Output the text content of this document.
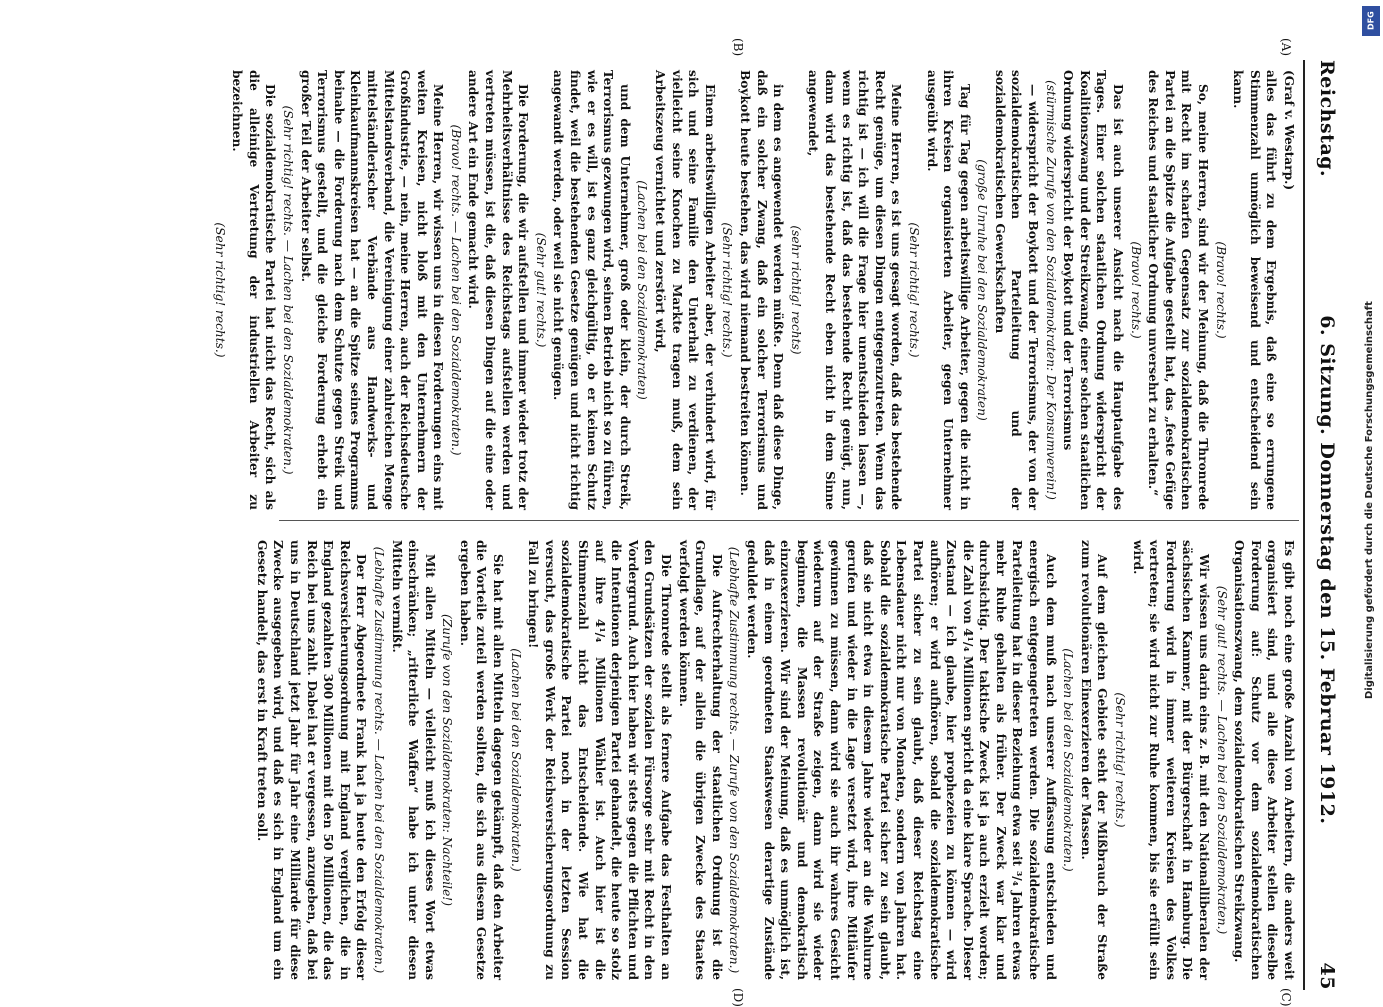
Reichstag.
6. Sitzung. Donnerstag den 15. Februar 1912.
45
(A)
(B)
(C)
(D)

(Graf v. Westarp.)

alles das führt zu dem Ergebnis, daß eine so errungene Stimmenzahl unmöglich beweisend und entscheidend sein kann.

(Bravo! rechts.)

So, meine Herren, sind wir der Meinung, daß die Thronrede mit Recht im scharfen Gegensatz zur sozialdemokratischen Partei an die Spitze die Aufgabe gestellt hat, das „feste Gefüge des Reiches und staatlicher Ordnung unversehrt zu erhalten.“

(Bravo! rechts.)

Das ist auch unserer Ansicht nach die Hauptaufgabe des Tages. Einer solchen staatlichen Ordnung widerspricht der Koalitionszwang und der Streikzwang, einer solchen staatlichen Ordnung widerspricht der Boykott und der Terrorismus

(stürmische Zurufe von den Sozialdemokraten: Der Konsumverein!)

— widerspricht der Boykott und der Terrorismus, der von der sozialdemokratischen Parteileitung und der sozialdemokratischen Gewerkschaften

(große Unruhe bei den Sozialdemokraten)

Tag für Tag gegen arbeitswillige Arbeiter, gegen die nicht in ihren Kreisen organisierten Arbeiter, gegen Unternehmer ausgeübt wird.

(Sehr richtig! rechts.)

Meine Herren, es ist uns gesagt worden, daß das bestehende Recht genüge, um diesen Dingen entgegenzutreten. Wenn das richtig ist — ich will die Frage hier unentschieden lassen —, wenn es richtig ist, daß das bestehende Recht genügt, nun, dann wird das bestehende Recht eben nicht in dem Sinne angewendet,

(sehr richtig! rechts)

in dem es angewendet werden müßte. Denn daß diese Dinge, daß ein solcher Zwang, daß ein solcher Terrorismus und Boykott heute bestehen, das wird niemand bestreiten können.

(Sehr richtig! rechts.)

Einem arbeitswilligen Arbeiter aber, der verhindert wird, für sich und seine Familie den Unterhalt zu verdienen, der vielleicht seine Knochen zu Markte tragen muß, dem sein Arbeitszeug vernichtet und zerstört wird,

(Lachen bei den Sozialdemokraten)

und dem Unternehmer, groß oder klein, der durch Streik, Terrorismus gezwungen wird, seinen Betrieb nicht so zu führen, wie er es will, ist es ganz gleichgültig, ob er keinen Schutz findet, weil die bestehenden Gesetze genügen und nicht richtig angewandt werden, oder weil sie nicht genügen.

(Sehr gut! rechts.)

Die Forderung, die wir aufstellen und immer wieder trotz der Mehrheitsverhältnisse des Reichstags aufstellen werden und vertreten müssen, ist die, daß diesen Dingen auf die eine oder andere Art ein Ende gemacht wird.

(Bravo! rechts. — Lachen bei den Sozialdemokraten.)

Meine Herren, wir wissen uns in diesen Forderungen eins mit weiten Kreisen, nicht bloß mit den Unternehmern der Großindustrie, — nein, meine Herren, auch der Reichsdeutsche Mittelstandsverband, die Vereinigung einer zahlreichen Menge mittelständlerischer Verbände aus Handwerks- und Kleinkaufmannskreisen hat — an die Spitze seines Programms beinahe — die Forderung nach dem Schutze gegen Streik und Terrorismus gestellt, und die gleiche Forderung erhebt ein großer Teil der Arbeiter selbst.

(Sehr richtig! rechts. — Lachen bei den Sozialdemokraten.)

Die sozialdemokratische Partei hat nicht das Recht, sich als die alleinige Vertretung der industriellen Arbeiter zu bezeichnen.

(Sehr richtig! rechts.)

Es gibt noch eine große Anzahl von Arbeitern, die anders weit organisiert sind, und alle diese Arbeiter stellen dieselbe Forderung auf: Schutz vor dem sozialdemokratischen Organisationszwang, dem sozialdemokratischen Streikzwang.

(Sehr gut! rechts. — Lachen bei den Sozialdemokraten.)

Wir wissen uns darin eins z. B. mit den Nationalliberalen der sächsischen Kammer, mit der Bürgerschaft in Hamburg. Die Forderung wird in immer weiteren Kreisen des Volkes vertreten; sie wird nicht zur Ruhe kommen, bis sie erfüllt sein wird.

(Sehr richtig! rechts.)

Auf dem gleichen Gebiete steht der Mißbrauch der Straße zum revolutionären Einexerzieren der Massen.

(Lachen bei den Sozialdemokraten.)

Auch dem muß nach unserer Auffassung entschieden und energisch entgegengetreten werden. Die sozialdemokratische Parteileitung hat in dieser Beziehung etwa seit ³/₄ Jahren etwas mehr Ruhe gehalten als früher. Der Zweck war klar und durchsichtig. Der taktische Zweck ist ja auch erzielt worden; die Zahl von 4¹/₄ Millionen spricht da eine klare Sprache. Dieser Zustand — ich glaube, hier prophezeien zu können — wird aufhören; er wird aufhören, sobald die sozialdemokratische Partei sicher zu sein glaubt, daß dieser Reichstag eine Lebensdauer nicht nur von Monaten, sondern von Jahren hat. Sobald die sozialdemokratische Partei sicher zu sein glaubt, daß sie nicht etwa in diesem Jahre wieder an die Wahlurne gerufen und wieder in die Lage versetzt wird, ihre Mitläufer gewinnen zu müssen, dann wird sie auch ihr wahres Gesicht wiederum auf der Straße zeigen, dann wird sie wieder beginnen, die Massen revolutionär und demokratisch einzuexerzieren. Wir sind der Meinung, daß es unmöglich ist, daß in einem geordneten Staatswesen derartige Zustände geduldet werden.

(Lebhafte Zustimmung rechts. — Zurufe von den Sozialdemokraten.)

Die Aufrechterhaltung der staatlichen Ordnung ist die Grundlage, auf der allein die übrigen Zwecke des Staates verfolgt werden können.

Die Thronrede stellt als fernere Aufgabe das Festhalten an den Grundsätzen der sozialen Fürsorge sehr mit Recht in den Vordergrund. Auch hier haben wir stets gegen die Pflichten und die Intentionen derjenigen Partei gehandelt, die heute so stolz auf ihre 4¹/₄ Millionen Wähler ist. Auch hier ist die Stimmenzahl nicht das Entscheidende. Wie hat die sozialdemokratische Partei noch in der letzten Session versucht, das große Werk der Reichsversicherungsordnung zu Fall zu bringen!

(Lachen bei den Sozialdemokraten.)

Sie hat mit allen Mitteln dagegen gekämpft, daß den Arbeiter die Vorteile zuteil werden sollten, die sich aus diesem Gesetze ergeben haben.

(Zurufe von den Sozialdemokraten: Nachteile!)

Mit allen Mitteln — vielleicht muß ich dieses Wort etwas einschränken; „ritterliche Waffen“ habe ich unter diesen Mitteln vermißt.

(Lebhafte Zustimmung rechts. — Lachen bei den Sozialdemokraten.)

Der Herr Abgeordnete Frank hat ja heute den Erfolg dieser Reichsversicherungsordnung mit England verglichen, die in England gezahlten 300 Millionen mit den 50 Millionen, die das Reich bei uns zahlt. Dabei hat er vergessen, anzugeben, daß bei uns in Deutschland jetzt Jahr für Jahr eine Milliarde für diese Zwecke ausgegeben wird, und daß es sich in England um ein Gesetz handelt, das erst in Kraft treten soll.

DFG
Digitalisierung gefördert durch die Deutsche Forschungsgemeinschaft
